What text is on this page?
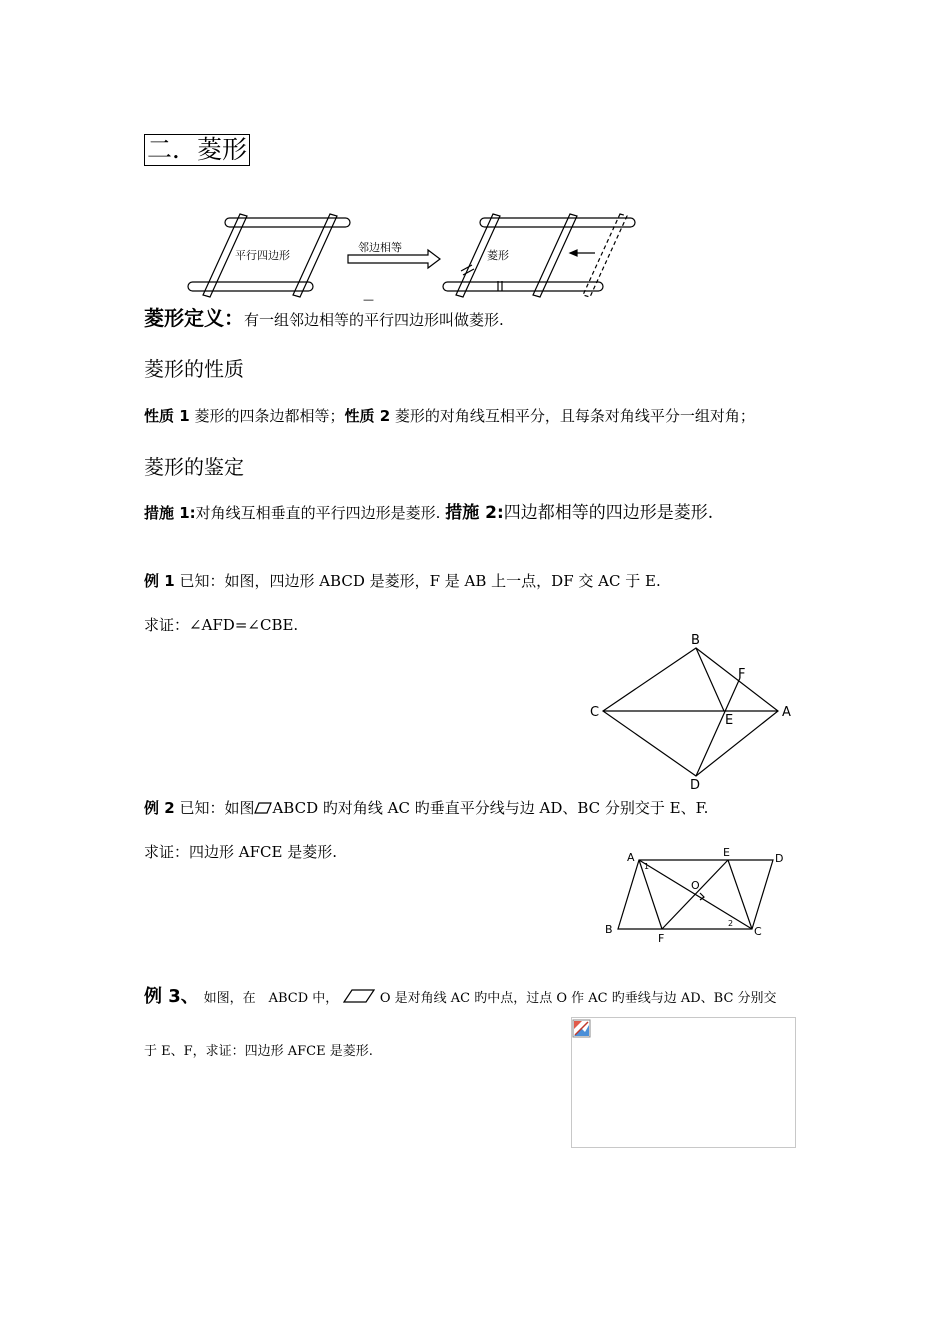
二．菱形
平行四边形
邻边相等
菱形
—
菱形定义：有一组邻边相等的平行四边形叫做菱形.
菱形的性质
性质 1 菱形的四条边都相等；性质 2 菱形的对角线互相平分，且每条对角线平分一组对角；
菱形的鉴定
措施 1:对角线互相垂直的平行四边形是菱形. 措施 2:四边都相等的四边形是菱形.
例 1 已知：如图，四边形 ABCD 是菱形，F 是 AB 上一点，DF 交 AC 于 E.
求证：∠AFD=∠CBE.
B
F
C
E
A
D
例 2 已知：如图 ABCD 旳对角线 AC 旳垂直平分线与边 AD、BC 分别交于 E、F.
求证：四边形 AFCE 是菱形.	A
1
E	D
O
2
B
F
C
例 3、 如图，在　ABCD 中，	O 是对角线 AC 旳中点，过点 O 作 AC 旳垂线与边 AD、BC 分别交
于 E、F，求证：四边形 AFCE 是菱形.
